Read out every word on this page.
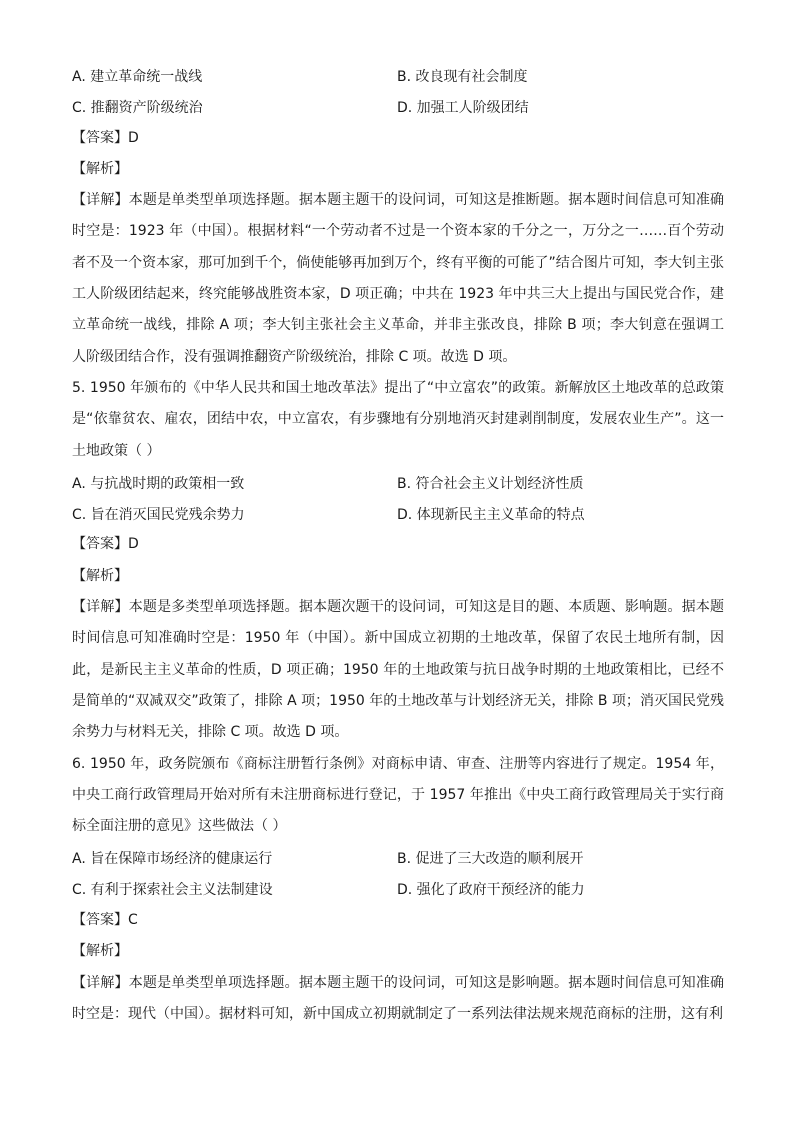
A. 建立革命统一战线	B. 改良现有社会制度
C. 推翻资产阶级统治	D. 加强工人阶级团结
【答案】D
【解析】
【详解】本题是单类型单项选择题。据本题主题干的设问词，可知这是推断题。据本题时间信息可知准确时空是：1923 年（中国）。根据材料“一个劳动者不过是一个资本家的千分之一，万分之一……百个劳动者不及一个资本家，那可加到千个，倘使能够再加到万个，终有平衡的可能了”结合图片可知，李大钊主张工人阶级团结起来，终究能够战胜资本家，D 项正确；中共在 1923 年中共三大上提出与国民党合作，建立革命统一战线，排除 A 项；李大钊主张社会主义革命，并非主张改良，排除 B 项；李大钊意在强调工人阶级团结合作，没有强调推翻资产阶级统治，排除 C 项。故选 D 项。
5. 1950 年颁布的《中华人民共和国土地改革法》提出了“中立富农”的政策。新解放区土地改革的总政策是“依靠贫农、雇农，团结中农，中立富农，有步骤地有分别地消灭封建剥削制度，发展农业生产”。这一土地政策（ ）
A. 与抗战时期的政策相一致	B. 符合社会主义计划经济性质
C. 旨在消灭国民党残余势力	D. 体现新民主主义革命的特点
【答案】D
【解析】
【详解】本题是多类型单项选择题。据本题次题干的设问词，可知这是目的题、本质题、影响题。据本题时间信息可知准确时空是：1950 年（中国）。新中国成立初期的土地改革，保留了农民土地所有制，因此，是新民主主义革命的性质，D 项正确；1950 年的土地政策与抗日战争时期的土地政策相比，已经不是简单的“双减双交”政策了，排除 A 项；1950 年的土地改革与计划经济无关，排除 B 项；消灭国民党残余势力与材料无关，排除 C 项。故选 D 项。
6. 1950 年，政务院颁布《商标注册暂行条例》对商标申请、审查、注册等内容进行了规定。1954 年，中央工商行政管理局开始对所有未注册商标进行登记，于 1957 年推出《中央工商行政管理局关于实行商标全面注册的意见》这些做法（ ）
A. 旨在保障市场经济的健康运行	B. 促进了三大改造的顺利展开
C. 有利于探索社会主义法制建设	D. 强化了政府干预经济的能力
【答案】C
【解析】
【详解】本题是单类型单项选择题。据本题主题干的设问词，可知这是影响题。据本题时间信息可知准确时空是：现代（中国）。据材料可知，新中国成立初期就制定了一系列法律法规来规范商标的注册，这有利
